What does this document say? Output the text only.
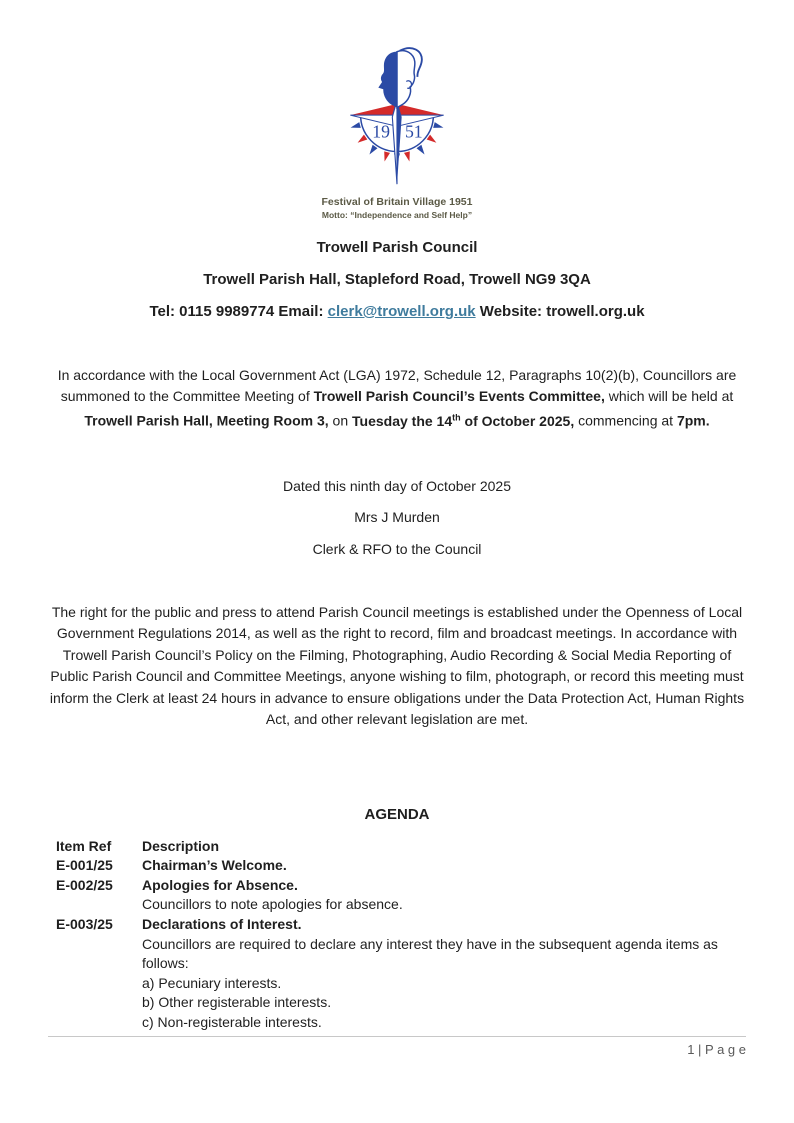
19 51
Festival of Britain Village 1951
Motto: “Independence and Self Help”
Trowell Parish Council
Trowell Parish Hall, Stapleford Road, Trowell NG9 3QA
Tel: 0115 9989774 Email: clerk@trowell.org.uk Website: trowell.org.uk

In accordance with the Local Government Act (LGA) 1972, Schedule 12, Paragraphs 10(2)(b), Councillors are summoned to the Committee Meeting of Trowell Parish Council’s Events Committee, which will be held at Trowell Parish Hall, Meeting Room 3, on Tuesday the 14th of October 2025, commencing at 7pm.

Dated this ninth day of October 2025

Mrs J Murden

Clerk & RFO to the Council

The right for the public and press to attend Parish Council meetings is established under the Openness of Local Government Regulations 2014, as well as the right to record, film and broadcast meetings. In accordance with Trowell Parish Council’s Policy on the Filming, Photographing, Audio Recording & Social Media Reporting of Public Parish Council and Committee Meetings, anyone wishing to film, photograph, or record this meeting must inform the Clerk at least 24 hours in advance to ensure obligations under the Data Protection Act, Human Rights Act, and other relevant legislation are met.

AGENDA
Item Ref	Description
E-001/25	Chairman’s Welcome.
E-002/25	Apologies for Absence.
Councillors to note apologies for absence.
E-003/25	Declarations of Interest.
Councillors are required to declare any interest they have in the subsequent agenda items as follows:
a) Pecuniary interests.
b) Other registerable interests.
c) Non-registerable interests.
1 | P a g e
